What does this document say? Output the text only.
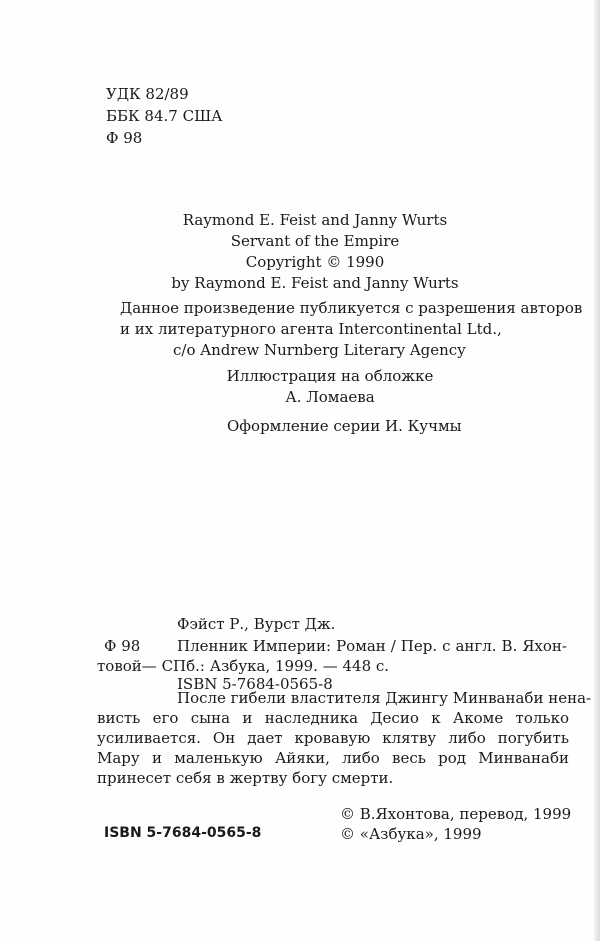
УДК 82/89
ББК 84.7 США
Ф 98
Raymond E. Feist and Janny Wurts
Servant of the Empire
Copyright © 1990
by Raymond E. Feist and Janny Wurts
Данное произведение публикуется с разрешения авторов
и их литературного агента Intercontinental Ltd.,
c/o Andrew Nurnberg Literary Agency
Иллюстрация на обложке
А. Ломаева
Оформление серии И. Кучмы
Фэйст Р., Вурст Дж.
Ф 98 Пленник Империи: Роман / Пер. с англ. В. Яхон-
товой— СПб.: Азбука, 1999. — 448 с.
ISBN 5-7684-0565-8
После гибели властителя Джингу Минванаби нена-
висть его сына и наследника Десио к Акоме только
усиливается. Он дает кровавую клятву либо погубить
Мару и маленькую Айяки, либо весь род Минванаби
принесет себя в жертву богу смерти.
ISBN 5-7684-0565-8
© В.Яхонтова, перевод, 1999
© «Азбука», 1999
